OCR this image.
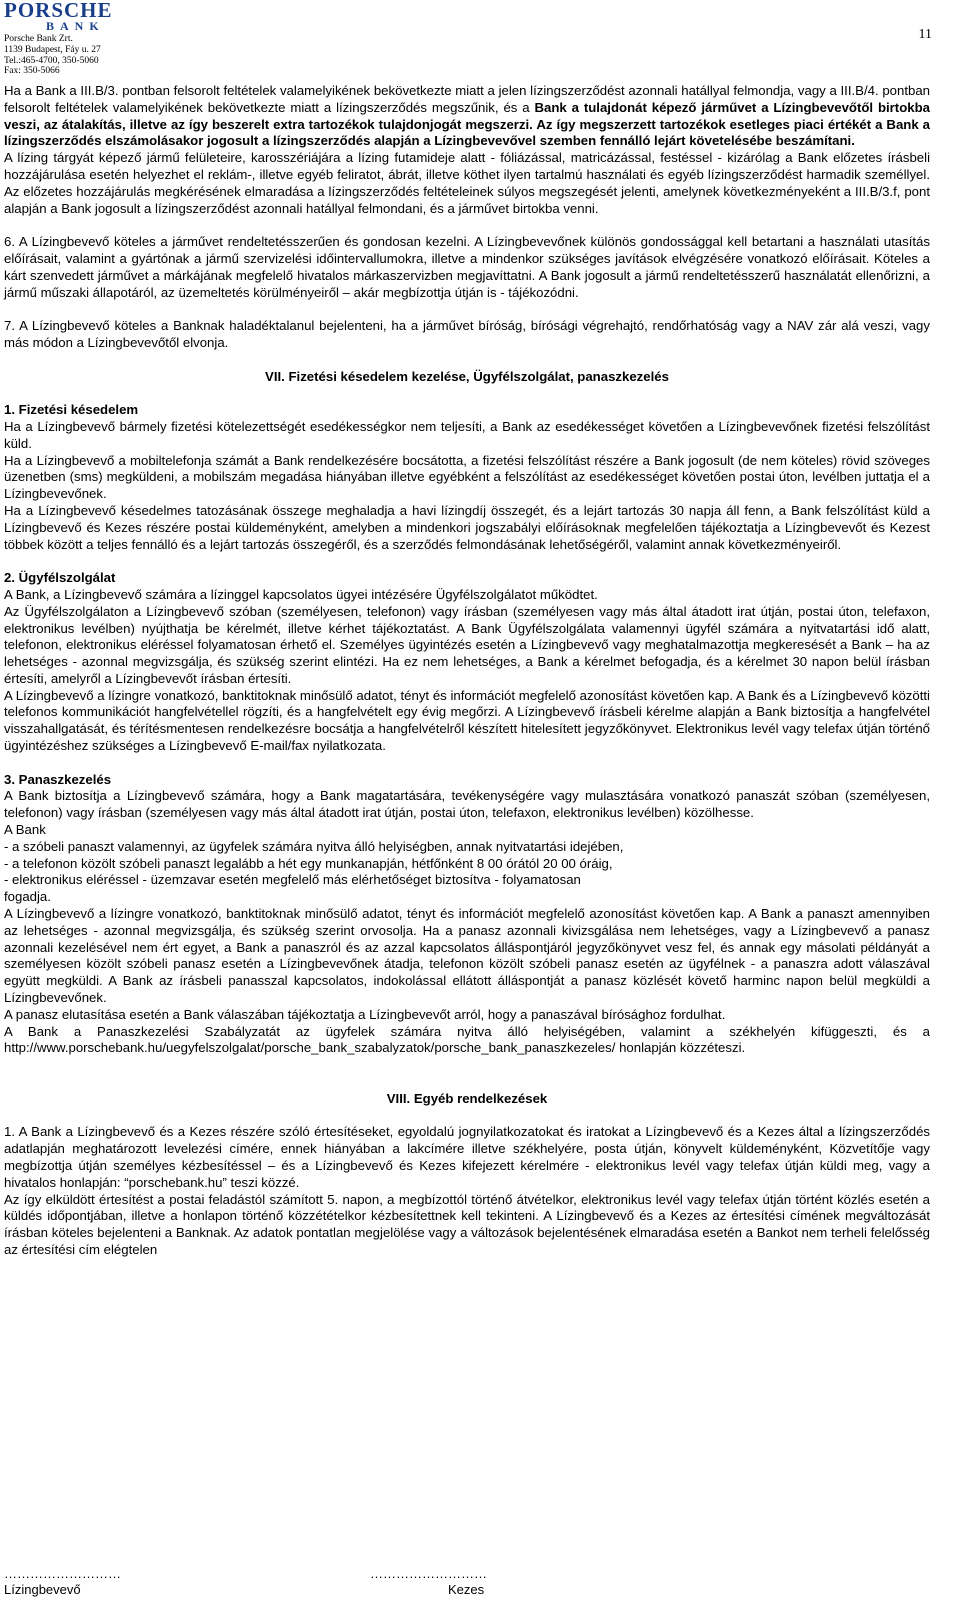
PORSCHE
BANK
Porsche Bank Zrt.
1139 Budapest, Fáy u. 27
Tel.:465-4700, 350-5060
Fax: 350-5066
11

Ha a Bank a III.B/3. pontban felsorolt feltételek valamelyikének bekövetkezte miatt a jelen lízingszerződést azonnali hatállyal felmondja, vagy a III.B/4. pontban felsorolt feltételek valamelyikének bekövetkezte miatt a lízingszerződés megszűnik, és a Bank a tulajdonát képező járművet a Lízingbevevőtől birtokba veszi, az átalakítás, illetve az így beszerelt extra tartozékok tulajdonjogát megszerzi. Az így megszerzett tartozékok esetleges piaci értékét a Bank a lízingszerződés elszámolásakor jogosult a lízingszerződés alapján a Lízingbevevővel szemben fennálló lejárt követelésébe beszámítani.

A lízing tárgyát képező jármű felületeire, karosszériájára a lízing futamideje alatt - fóliázással, matricázással, festéssel - kizárólag a Bank előzetes írásbeli hozzájárulása esetén helyezhet el reklám-, illetve egyéb feliratot, ábrát, illetve köthet ilyen tartalmú használati és egyéb lízingszerződést harmadik személlyel. Az előzetes hozzájárulás megkérésének elmaradása a lízingszerződés feltételeinek súlyos megszegését jelenti, amelynek következményeként a III.B/3.f, pont alapján a Bank jogosult a lízingszerződést azonnali hatállyal felmondani, és a járművet birtokba venni.

6. A Lízingbevevő köteles a járművet rendeltetésszerűen és gondosan kezelni. A Lízingbevevőnek különös gondossággal kell betartani a használati utasítás előírásait, valamint a gyártónak a jármű szervizelési időintervallumokra, illetve a mindenkor szükséges javítások elvégzésére vonatkozó előírásait. Köteles a kárt szenvedett járművet a márkájának megfelelő hivatalos márkaszervizben megjavíttatni. A Bank jogosult a jármű rendeltetésszerű használatát ellenőrizni, a jármű műszaki állapotáról, az üzemeltetés körülményeiről – akár megbízottja útján is - tájékozódni.

7. A Lízingbevevő köteles a Banknak haladéktalanul bejelenteni, ha a járművet bíróság, bírósági végrehajtó, rendőrhatóság vagy a NAV zár alá veszi, vagy más módon a Lízingbevevőtől elvonja.

VII. Fizetési késedelem kezelése, Ügyfélszolgálat, panaszkezelés

1. Fizetési késedelem

Ha a Lízingbevevő bármely fizetési kötelezettségét esedékességkor nem teljesíti, a Bank az esedékességet követően a Lízingbevevőnek fizetési felszólítást küld.

Ha a Lízingbevevő a mobiltelefonja számát a Bank rendelkezésére bocsátotta, a fizetési felszólítást részére a Bank jogosult (de nem köteles) rövid szöveges üzenetben (sms) megküldeni, a mobilszám megadása hiányában illetve egyébként a felszólítást az esedékességet követően postai úton, levélben juttatja el a Lízingbevevőnek.

Ha a Lízingbevevő késedelmes tatozásának összege meghaladja a havi lízingdíj összegét, és a lejárt tartozás 30 napja áll fenn, a Bank felszólítást küld a Lízingbevevő és Kezes részére postai küldeményként, amelyben a mindenkori jogszabályi előírásoknak megfelelően tájékoztatja a Lízingbevevőt és Kezest többek között a teljes fennálló és a lejárt tartozás összegéről, és a szerződés felmondásának lehetőségéről, valamint annak következményeiről.

2. Ügyfélszolgálat

A Bank, a Lízingbevevő számára a lízinggel kapcsolatos ügyei intézésére Ügyfélszolgálatot működtet.

Az Ügyfélszolgálaton a Lízingbevevő szóban (személyesen, telefonon) vagy írásban (személyesen vagy más által átadott irat útján, postai úton, telefaxon, elektronikus levélben) nyújthatja be kérelmét, illetve kérhet tájékoztatást. A Bank Ügyfélszolgálata valamennyi ügyfél számára a nyitvatartási idő alatt, telefonon, elektronikus eléréssel folyamatosan érhető el. Személyes ügyintézés esetén a Lízingbevevő vagy meghatalmazottja megkeresését a Bank – ha az lehetséges - azonnal megvizsgálja, és szükség szerint elintézi. Ha ez nem lehetséges, a Bank a kérelmet befogadja, és a kérelmet 30 napon belül írásban értesíti, amelyről a Lízingbevevőt írásban értesíti.

A Lízingbevevő a lízingre vonatkozó, banktitoknak minősülő adatot, tényt és információt megfelelő azonosítást követően kap. A Bank és a Lízingbevevő közötti telefonos kommunikációt hangfelvétellel rögzíti, és a hangfelvételt egy évig megőrzi. A Lízingbevevő írásbeli kérelme alapján a Bank biztosítja a hangfelvétel visszahallgatását, és térítésmentesen rendelkezésre bocsátja a hangfelvételről készített hitelesített jegyzőkönyvet. Elektronikus levél vagy telefax útján történő ügyintézéshez szükséges a Lízingbevevő E-mail/fax nyilatkozata.

3. Panaszkezelés

A Bank biztosítja a Lízingbevevő számára, hogy a Bank magatartására, tevékenységére vagy mulasztására vonatkozó panaszát szóban (személyesen, telefonon) vagy írásban (személyesen vagy más által átadott irat útján, postai úton, telefaxon, elektronikus levélben) közölhesse.

A Bank

- a szóbeli panaszt valamennyi, az ügyfelek számára nyitva álló helyiségben, annak nyitvatartási idejében,

- a telefonon közölt szóbeli panaszt legalább a hét egy munkanapján, hétfőnként 8 00 órától 20 00 óráig,

- elektronikus eléréssel - üzemzavar esetén megfelelő más elérhetőséget biztosítva - folyamatosan

fogadja.

A Lízingbevevő a lízingre vonatkozó, banktitoknak minősülő adatot, tényt és információt megfelelő azonosítást követően kap. A Bank a panaszt amennyiben az lehetséges - azonnal megvizsgálja, és szükség szerint orvosolja. Ha a panasz azonnali kivizsgálása nem lehetséges, vagy a Lízingbevevő a panasz azonnali kezelésével nem ért egyet, a Bank a panaszról és az azzal kapcsolatos álláspontjáról jegyzőkönyvet vesz fel, és annak egy másolati példányát a személyesen közölt szóbeli panasz esetén a Lízingbevevőnek átadja, telefonon közölt szóbeli panasz esetén az ügyfélnek - a panaszra adott válaszával együtt megküldi. A Bank az írásbeli panasszal kapcsolatos, indokolással ellátott álláspontját a panasz közlését követő harminc napon belül megküldi a Lízingbevevőnek.

A panasz elutasítása esetén a Bank válaszában tájékoztatja a Lízingbevevőt arról, hogy a panaszával bírósághoz fordulhat.

A Bank a Panaszkezelési Szabályzatát az ügyfelek számára nyitva álló helyiségében, valamint a székhelyén kifüggeszti, és a http://www.porschebank.hu/uegyfelszolgalat/porsche_bank_szabalyzatok/porsche_bank_panaszkezeles/ honlapján közzéteszi.

VIII. Egyéb rendelkezések

1. A Bank a Lízingbevevő és a Kezes részére szóló értesítéseket, egyoldalú jognyilatkozatokat és iratokat a Lízingbevevő és a Kezes által a lízingszerződés adatlapján meghatározott levelezési címére, ennek hiányában a lakcímére illetve székhelyére, posta útján, könyvelt küldeményként, Közvetítője vagy megbízottja útján személyes kézbesítéssel – és a Lízingbevevő és Kezes kifejezett kérelmére - elektronikus levél vagy telefax útján küldi meg, vagy a hivatalos honlapján: “porschebank.hu” teszi közzé.

Az így elküldött értesítést a postai feladástól számított 5. napon, a megbízottól történő átvételkor, elektronikus levél vagy telefax útján történt közlés esetén a küldés időpontjában, illetve a honlapon történő közzétételkor kézbesítettnek kell tekinteni. A Lízingbevevő és a Kezes az értesítési címének megváltozását írásban köteles bejelenteni a Banknak. Az adatok pontatlan megjelölése vagy a változások bejelentésének elmaradása esetén a Bankot nem terheli felelősség az értesítési cím elégtelen

………………………
Lízingbevevő
………………………
Kezes
